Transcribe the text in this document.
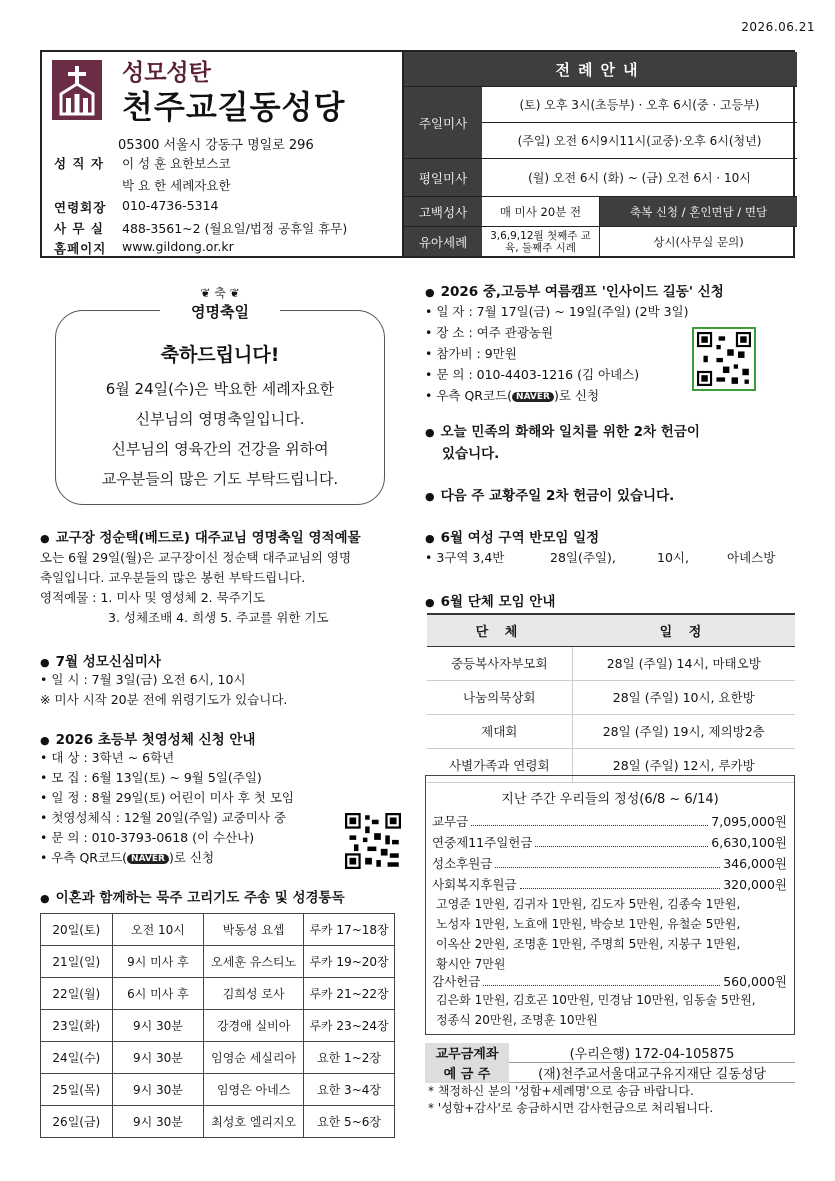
2026.06.21
성모성탄
천주교길동성당
05300 서울시 강동구 명일로 296
성 직 자	이 성 훈 요한보스코
박 요 한 세례자요한
연령회장	010-4736-5314
사 무 실	488-3561~2 (월요일/법정 공휴일 휴무)
홈페이지	www.gildong.or.kr
전례안내
주일미사
(토) 오후 3시(초등부) · 오후 6시(중 · 고등부)
(주일) 오전 6시9시11시(교중)·오후 6시(청년)
평일미사	(월) 오전 6시 (화) ~ (금) 오전 6시 · 10시
고백성사	매 미사 20분 전	축복 신청 / 혼인면담 / 면담
유아세례	3,6,9,12월 첫째주 교육, 둘째주 시례	상시(사무실 문의)
❦ 축 ❦
영명축일
축하드립니다!
6월 24일(수)은 박요한 세례자요한
신부님의 영명축일입니다.
신부님의 영육간의 건강을 위하여
교우분들의 많은 기도 부탁드립니다.
● 교구장 정순택(베드로) 대주교님 영명축일 영적예물
오는 6월 29일(월)은 교구장이신 정순택 대주교님의 영명
축일입니다. 교우분들의 많은 봉헌 부탁드립니다.
영적예물 : 1. 미사 및 영성체 2. 묵주기도
3. 성체조배 4. 희생 5. 주교를 위한 기도
● 7월 성모신심미사
• 일 시 : 7월 3일(금) 오전 6시, 10시
※ 미사 시작 20분 전에 위령기도가 있습니다.
● 2026 초등부 첫영성체 신청 안내
• 대 상 : 3학년 ~ 6학년
• 모 집 : 6월 13일(토) ~ 9월 5일(주일)
• 일 정 : 8월 29일(토) 어린이 미사 후 첫 모임
• 첫영성체식 : 12월 20일(주일) 교중미사 중
• 문 의 : 010-3793-0618 (이 수산나)
• 우측 QR코드( NAVER )로 신청
● 이혼과 함께하는 묵주 고리기도 주송 및 성경통독
20일(토)	오전 10시	박동성 요셉	루카 17~18장
21일(일)	9시 미사 후	오세훈 유스티노	루카 19~20장
22일(월)	6시 미사 후	김희성 로사	루카 21~22장
23일(화)	9시 30분	강경애 실비아	루카 23~24장
24일(수)	9시 30분	임영순 세실리아	요한 1~2장
25일(목)	9시 30분	임영은 아네스	요한 3~4장
26일(금)	9시 30분	최성호 엘리지오	요한 5~6장
● 2026 중,고등부 여름캠프 '인사이드 길동' 신청
• 일 자 : 7월 17일(금) ~ 19일(주일) (2박 3일)
• 장 소 : 여주 관광농원
• 참가비 : 9만원
• 문 의 : 010-4403-1216 (김 아녜스)
• 우측 QR코드( NAVER )로 신청
● 오늘 민족의 화해와 일치를 위한 2차 헌금이
있습니다.
● 다음 주 교황주일 2차 헌금이 있습니다.
● 6월 여성 구역 반모임 일정
• 3구역 3,4반	28일(주일),	10시,	아녜스방
● 6월 단체 모임 안내
단 체	일 정
중등복사자부모회	28일 (주일) 14시, 마태오방
나눔의묵상회	28일 (주일) 10시, 요한방
제대회	28일 (주일) 19시, 제의방2층
사별가족과 연령회	28일 (주일) 12시, 루카방
지난 주간 우리들의 정성(6/8 ~ 6/14)
교무금	7,095,000원
연중제11주일헌금	6,630,100원
성소후원금	346,000원
사회복지후원금	320,000원
고영준 1만원, 김귀자 1만원, 김도자 5만원, 김종숙 1만원,
노성자 1만원, 노효애 1만원, 박승보 1만원, 유철순 5만원,
이옥산 2만원, 조명훈 1만원, 주명희 5만원, 지봉구 1만원,
황시안 7만원
감사헌금	560,000원
김은화 1만원, 김호곤 10만원, 민경남 10만원, 임동술 5만원,
정종식 20만원, 조명훈 10만원
교무금계좌	(우리은행) 172-04-105875
예 금 주	(재)천주교서울대교구유지재단 길동성당
* 책정하신 분의 '성함+세례명'으로 송금 바랍니다.
* '성함+감사'로 송금하시면 감사헌금으로 처리됩니다.
